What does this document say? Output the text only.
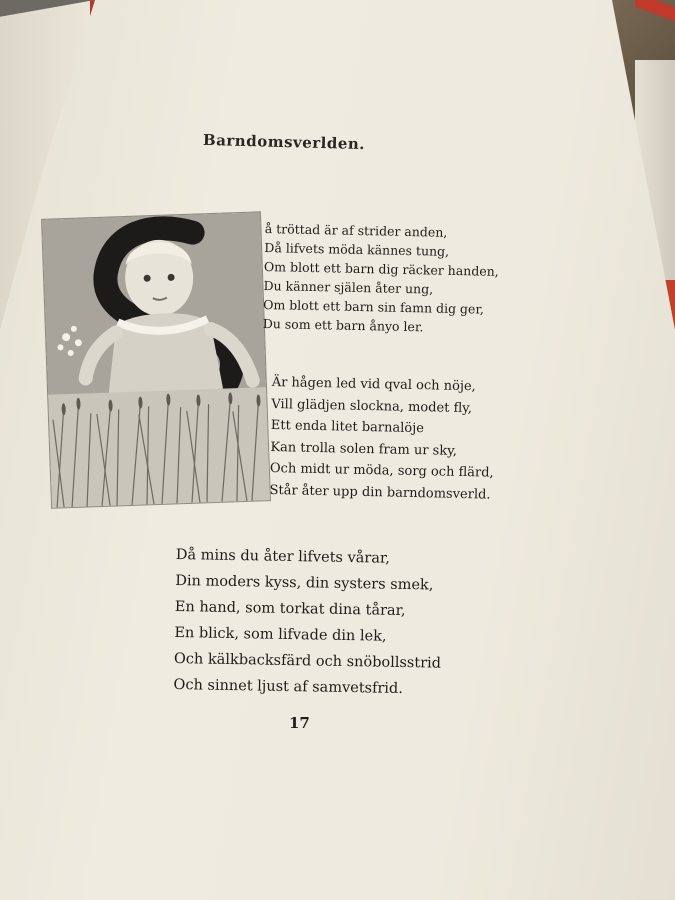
Barndomsverlden.
å tröttad är af strider anden,
Då lifvets möda kännes tung,
Om blott ett barn dig räcker handen,
Du känner själen åter ung,
Om blott ett barn sin famn dig ger,
Du som ett barn ånyo ler.
Är hågen led vid qval och nöje,
Vill glädjen slockna, modet fly,
Ett enda litet barnalöje
Kan trolla solen fram ur sky,
Och midt ur möda, sorg och flärd,
Står åter upp din barndomsverld.
Då mins du åter lifvets vårar,
Din moders kyss, din systers smek,
En hand, som torkat dina tårar,
En blick, som lifvade din lek,
Och kälkbacksfärd och snöbollsstrid
Och sinnet ljust af samvetsfrid.
17
